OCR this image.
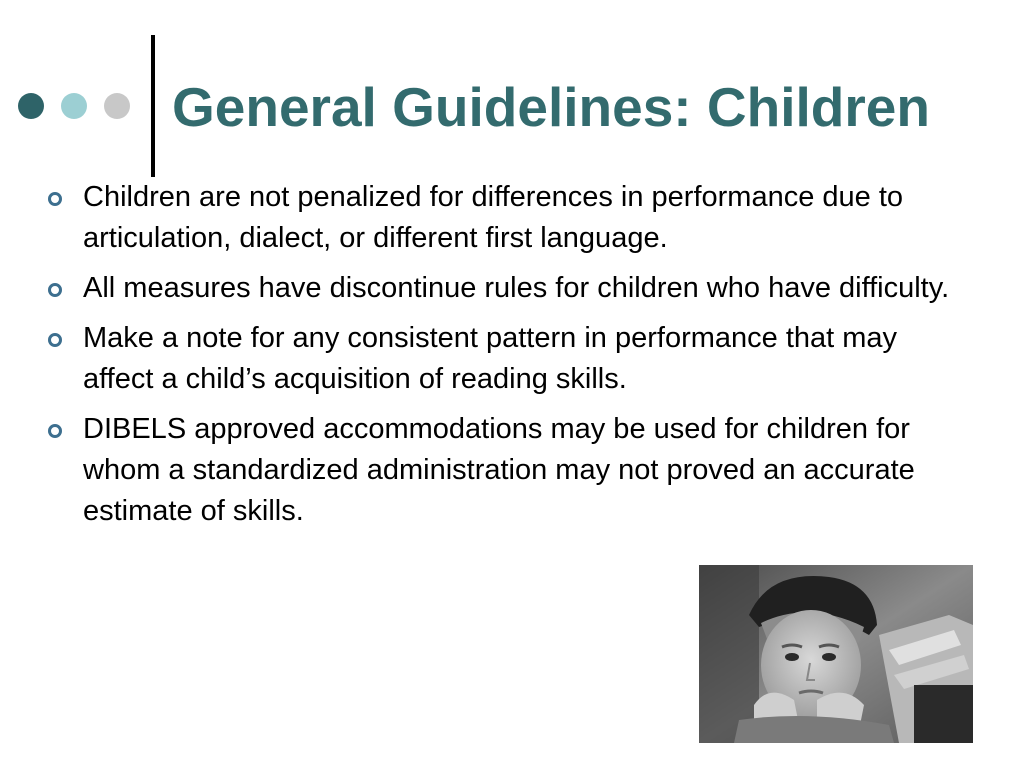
General Guidelines: Children
Children are not penalized for differences in performance due to articulation, dialect, or different first language.
All measures have discontinue rules for children who have difficulty.
Make a note for any consistent pattern in performance that may affect a child’s acquisition of reading skills.
DIBELS approved accommodations may be used for children for whom a standardized administration may not proved an accurate estimate of skills.
